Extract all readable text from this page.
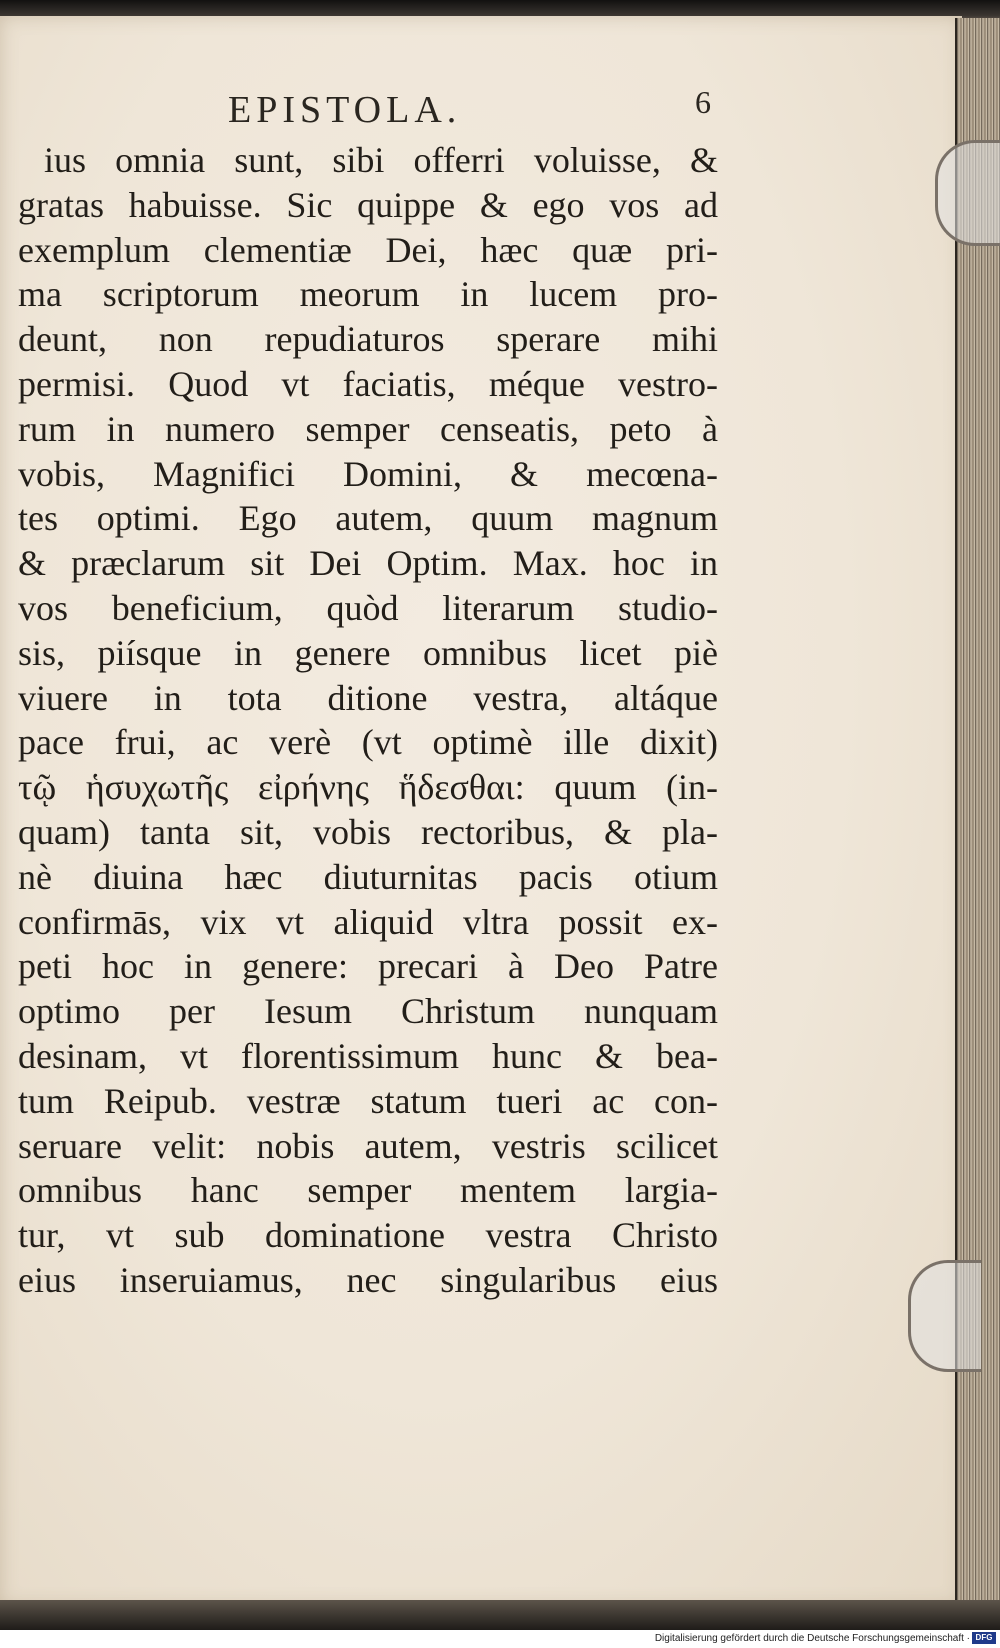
EPISTOLA.	6
ius omnia sunt, sibi offerri voluisse, &
gratas habuisse. Sic quippe & ego vos ad
exemplum clementiæ Dei, hæc quæ pri-
ma scriptorum meorum in lucem pro-
deunt, non repudiaturos sperare mihi
permisi. Quod vt faciatis, méque vestro-
rum in numero semper censeatis, peto à
vobis, Magnifici Domini, & mecœna-
tes optimi. Ego autem, quum magnum
& præclarum sit Dei Optim. Max. hoc in
vos beneficium, quòd literarum studio-
sis, piísque in genere omnibus licet piè
viuere in tota ditione vestra, altáque
pace frui, ac verè (vt optimè ille dixit)
τῷ ἡσυχωτῆς εἰρήνης ἥδεσθαι: quum (in-
quam) tanta sit, vobis rectoribus, & pla-
nè diuina hæc diuturnitas pacis otium
confirmās, vix vt aliquid vltra possit ex-
peti hoc in genere: precari à Deo Patre
optimo per Iesum Christum nunquam
desinam, vt florentissimum hunc & bea-
tum Reipub. vestræ statum tueri ac con-
seruare velit: nobis autem, vestris scilicet
omnibus hanc semper mentem largia-
tur, vt sub dominatione vestra Christo
eius inseruiamus, nec singularibus eius
Digitalisierung gefördert durch die Deutsche Forschungsgemeinschaft · DFG
